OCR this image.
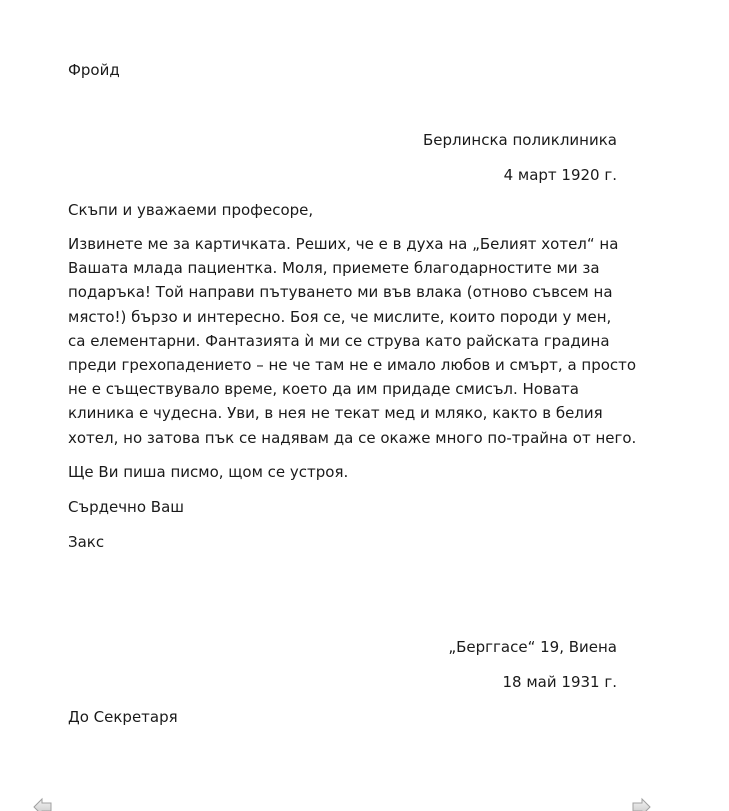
Фройд
Берлинска поликлиника
4 март 1920 г.
Скъпи и уважаеми професоре,
Извинете ме за картичката. Реших, че е в духа на „Белият хотел“ на
Вашата млада пациентка. Моля, приемете благодарностите ми за
подаръка! Той направи пътуването ми във влака (отново съвсем на
място!) бързо и интересно. Боя се, че мислите, които породи у мен,
са елементарни. Фантазията ѝ ми се струва като райската градина
преди грехопадението – не че там не е имало любов и смърт, а просто
не е съществувало време, което да им придаде смисъл. Новата
клиника е чудесна. Уви, в нея не текат мед и мляко, както в белия
хотел, но затова пък се надявам да се окаже много по-трайна от него.
Ще Ви пиша писмо, щом се устроя.
Сърдечно Ваш
Закс
„Берггасе“ 19, Виена
18 май 1931 г.
До Секретаря
